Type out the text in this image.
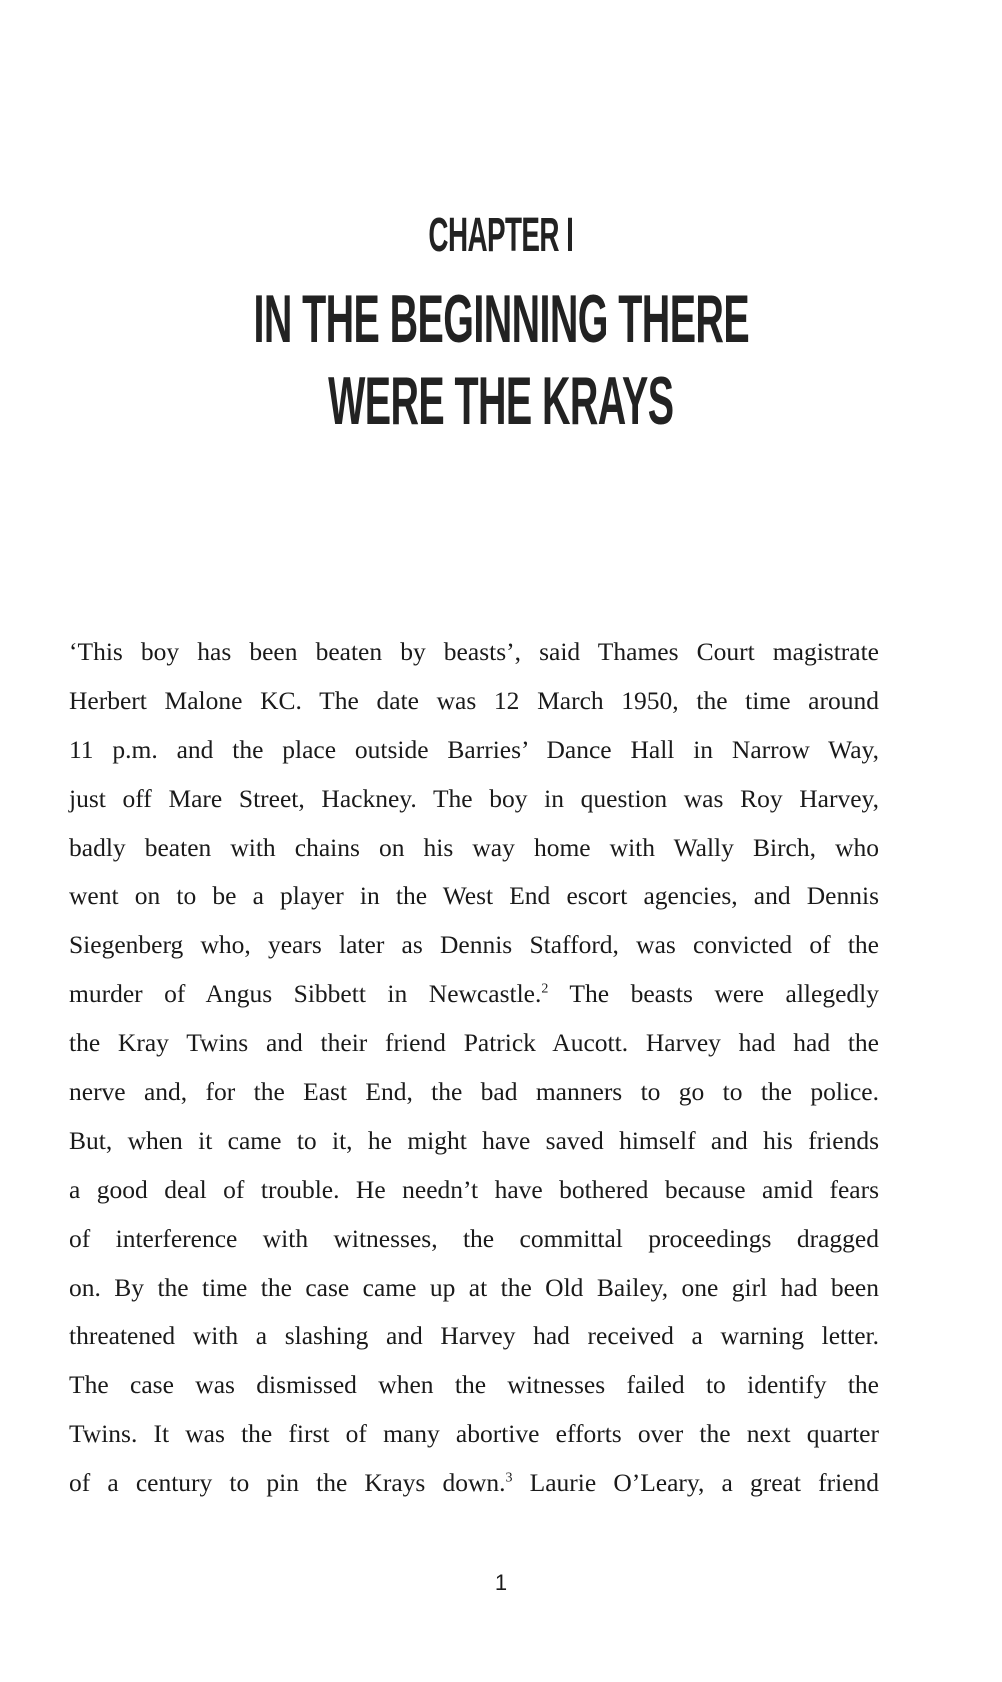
CHAPTER I
IN THE BEGINNING THERE
WERE THE KRAYS
‘This boy has been beaten by beasts’, said Thames Court magistrate
Herbert Malone KC. The date was 12 March 1950, the time around
11 p.m. and the place outside Barries’ Dance Hall in Narrow Way,
just off Mare Street, Hackney. The boy in question was Roy Harvey,
badly beaten with chains on his way home with Wally Birch, who
went on to be a player in the West End escort agencies, and Dennis
Siegenberg who, years later as Dennis Stafford, was convicted of the
murder of Angus Sibbett in Newcastle.$^2$ The beasts were allegedly
the Kray Twins and their friend Patrick Aucott. Harvey had had the
nerve and, for the East End, the bad manners to go to the police.
But, when it came to it, he might have saved himself and his friends
a good deal of trouble. He needn’t have bothered because amid fears
of interference with witnesses, the committal proceedings dragged
on. By the time the case came up at the Old Bailey, one girl had been
threatened with a slashing and Harvey had received a warning letter.
The case was dismissed when the witnesses failed to identify the
Twins. It was the first of many abortive efforts over the next quarter
of a century to pin the Krays down.$^3$ Laurie O’Leary, a great friend
1
